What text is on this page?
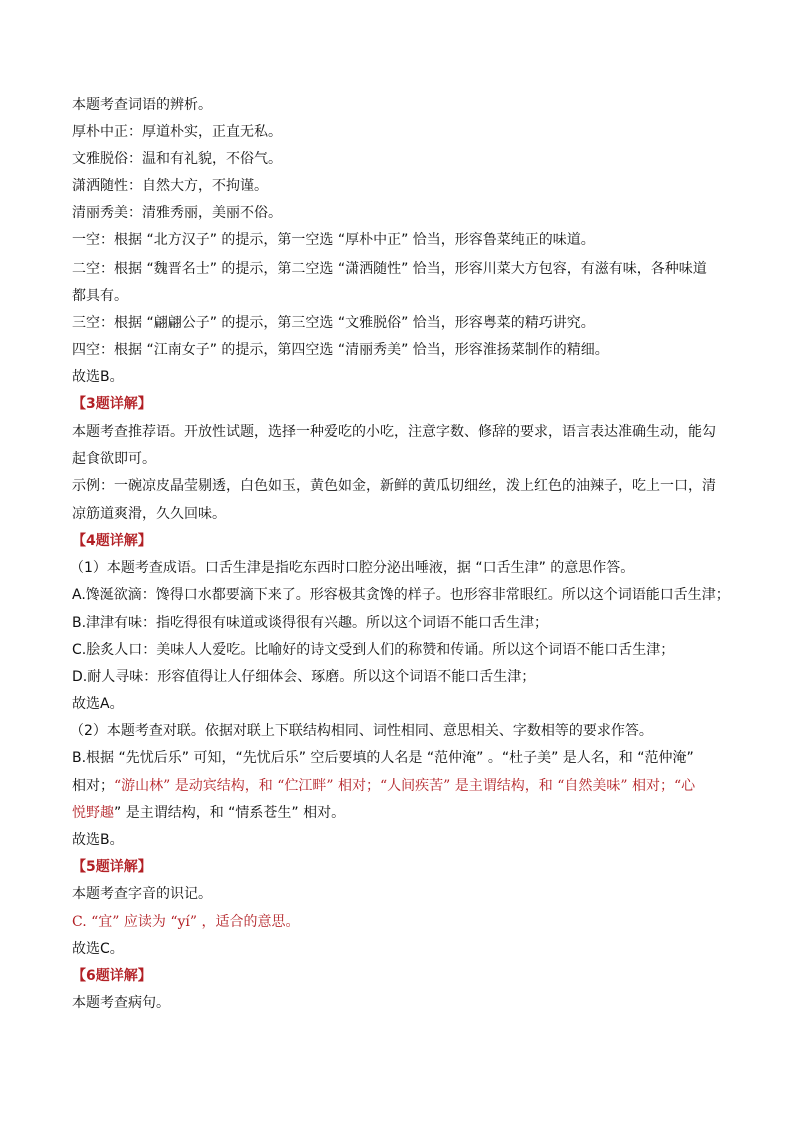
本题考查词语的辨析。
厚朴中正：厚道朴实，正直无私。
文雅脱俗：温和有礼貌，不俗气。
潇洒随性：自然大方，不拘谨。
清丽秀美：清雅秀丽，美丽不俗。
一空：根据 “北方汉子” 的提示，第一空选 “厚朴中正” 恰当，形容鲁菜纯正的味道。
二空：根据 “魏晋名士” 的提示，第二空选 “潇洒随性” 恰当，形容川菜大方包容，有滋有味，各种味道
都具有。
三空：根据 “翩翩公子” 的提示，第三空选 “文雅脱俗” 恰当，形容粤菜的精巧讲究。
四空：根据 “江南女子” 的提示，第四空选 “清丽秀美” 恰当，形容淮扬菜制作的精细。
故选B。
【3题详解】
本题考查推荐语。开放性试题，选择一种爱吃的小吃，注意字数、修辞的要求，语言表达准确生动，能勾
起食欲即可。
示例：一碗凉皮晶莹剔透，白色如玉，黄色如金，新鲜的黄瓜切细丝，泼上红色的油辣子，吃上一口，清
凉筋道爽滑，久久回味。
【4题详解】
（1）本题考查成语。口舌生津是指吃东西时口腔分泌出唾液，据 “口舌生津” 的意思作答。
A.馋涎欲滴：馋得口水都要滴下来了。形容极其贪馋的样子。也形容非常眼红。所以这个词语能口舌生津；
B.津津有味：指吃得很有味道或谈得很有兴趣。所以这个词语不能口舌生津；
C.脍炙人口：美味人人爱吃。比喻好的诗文受到人们的称赞和传诵。所以这个词语不能口舌生津；
D.耐人寻味：形容值得让人仔细体会、琢磨。所以这个词语不能口舌生津；
故选A。
（2）本题考查对联。依据对联上下联结构相同、词性相同、意思相关、字数相等的要求作答。
B.根据 “先忧后乐” 可知，“先忧后乐” 空后要填的人名是 “范仲淹” 。“杜子美” 是人名，和 “范仲淹”
相对；“游山林” 是动宾结构，和 “伫江畔” 相对；“人间疾苦” 是主谓结构，和 “自然美味” 相对；“心
悦野趣” 是主谓结构，和 “情系苍生” 相对。
故选B。
【5题详解】
本题考查字音的识记。
C. “宜” 应读为 “yí” ，适合的意思。
故选C。
【6题详解】
本题考查病句。
